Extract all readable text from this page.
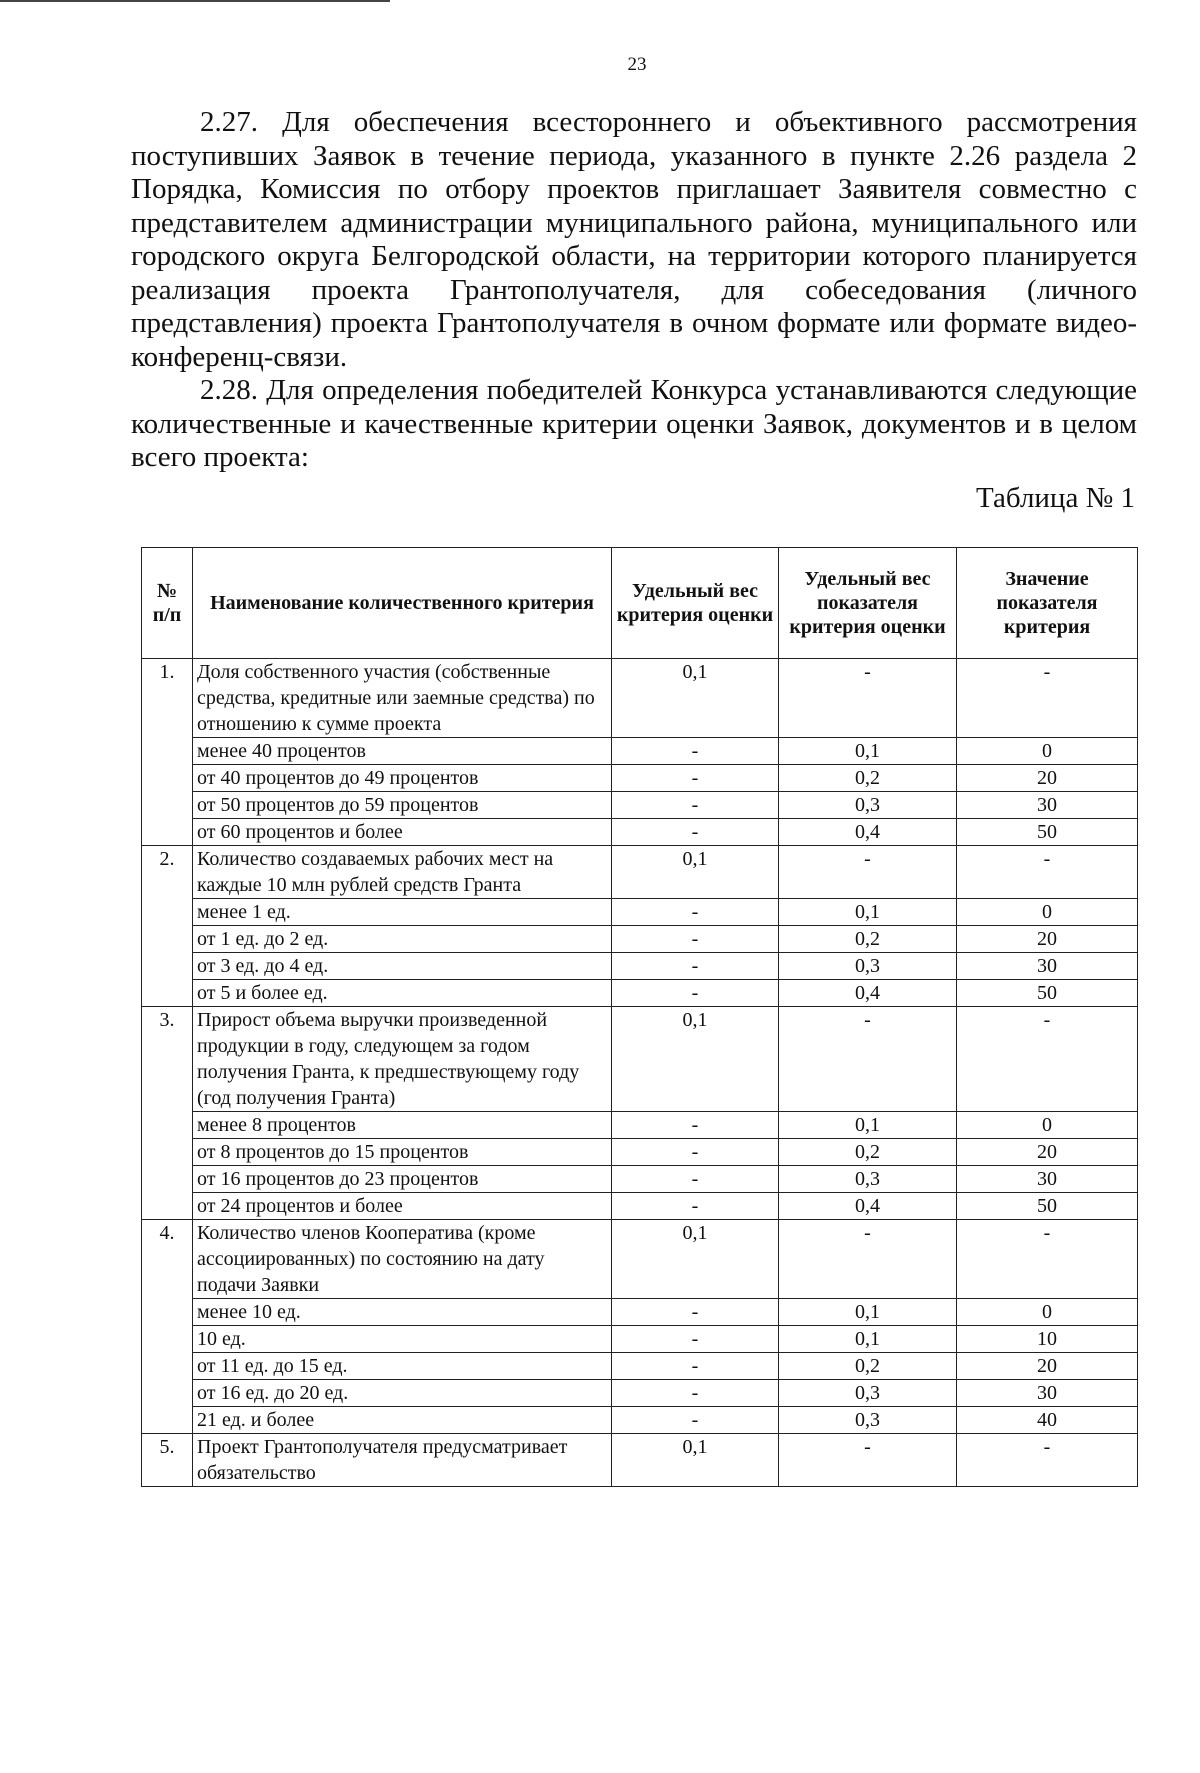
23

2.27. Для обеспечения всестороннего и объективного рассмотрения поступивших Заявок в течение периода, указанного в пункте 2.26 раздела 2 Порядка, Комиссия по отбору проектов приглашает Заявителя совместно с представителем администрации муниципального района, муниципального или городского округа Белгородской области, на территории которого планируется реализация проекта Грантополучателя, для собеседования (личного представления) проекта Грантополучателя в очном формате или формате видео-конференц-связи.

2.28. Для определения победителей Конкурса устанавливаются следующие количественные и качественные критерии оценки Заявок, документов и в целом всего проекта:

Таблица № 1
№ п/п	Наименование количественного критерия	Удельный вес критерия оценки	Удельный вес показателя критерия оценки	Значение показателя критерия
1.	Доля собственного участия (собственные средства, кредитные или заемные средства) по отношению к сумме проекта	0,1	-	-
	менее 40 процентов	-	0,1	0
	от 40 процентов до 49 процентов	-	0,2	20
	от 50 процентов до 59 процентов	-	0,3	30
	от 60 процентов и более	-	0,4	50
2.	Количество создаваемых рабочих мест на каждые 10 млн рублей средств Гранта	0,1	-	-
	менее 1 ед.	-	0,1	0
	от 1 ед. до 2 ед.	-	0,2	20
	от 3 ед. до 4 ед.	-	0,3	30
	от 5 и более ед.	-	0,4	50
3.	Прирост объема выручки произведенной продукции в году, следующем за годом получения Гранта, к предшествующему году (год получения Гранта)	0,1	-	-
	менее 8 процентов	-	0,1	0
	от 8 процентов до 15 процентов	-	0,2	20
	от 16 процентов до 23 процентов	-	0,3	30
	от 24 процентов и более	-	0,4	50
4.	Количество членов Кооператива (кроме ассоциированных) по состоянию на дату подачи Заявки	0,1	-	-
	менее 10 ед.	-	0,1	0
	10 ед.	-	0,1	10
	от 11 ед. до 15 ед.	-	0,2	20
	от 16 ед. до 20 ед.	-	0,3	30
	21 ед. и более	-	0,3	40
5.	Проект Грантополучателя предусматривает обязательство	0,1	-	-
